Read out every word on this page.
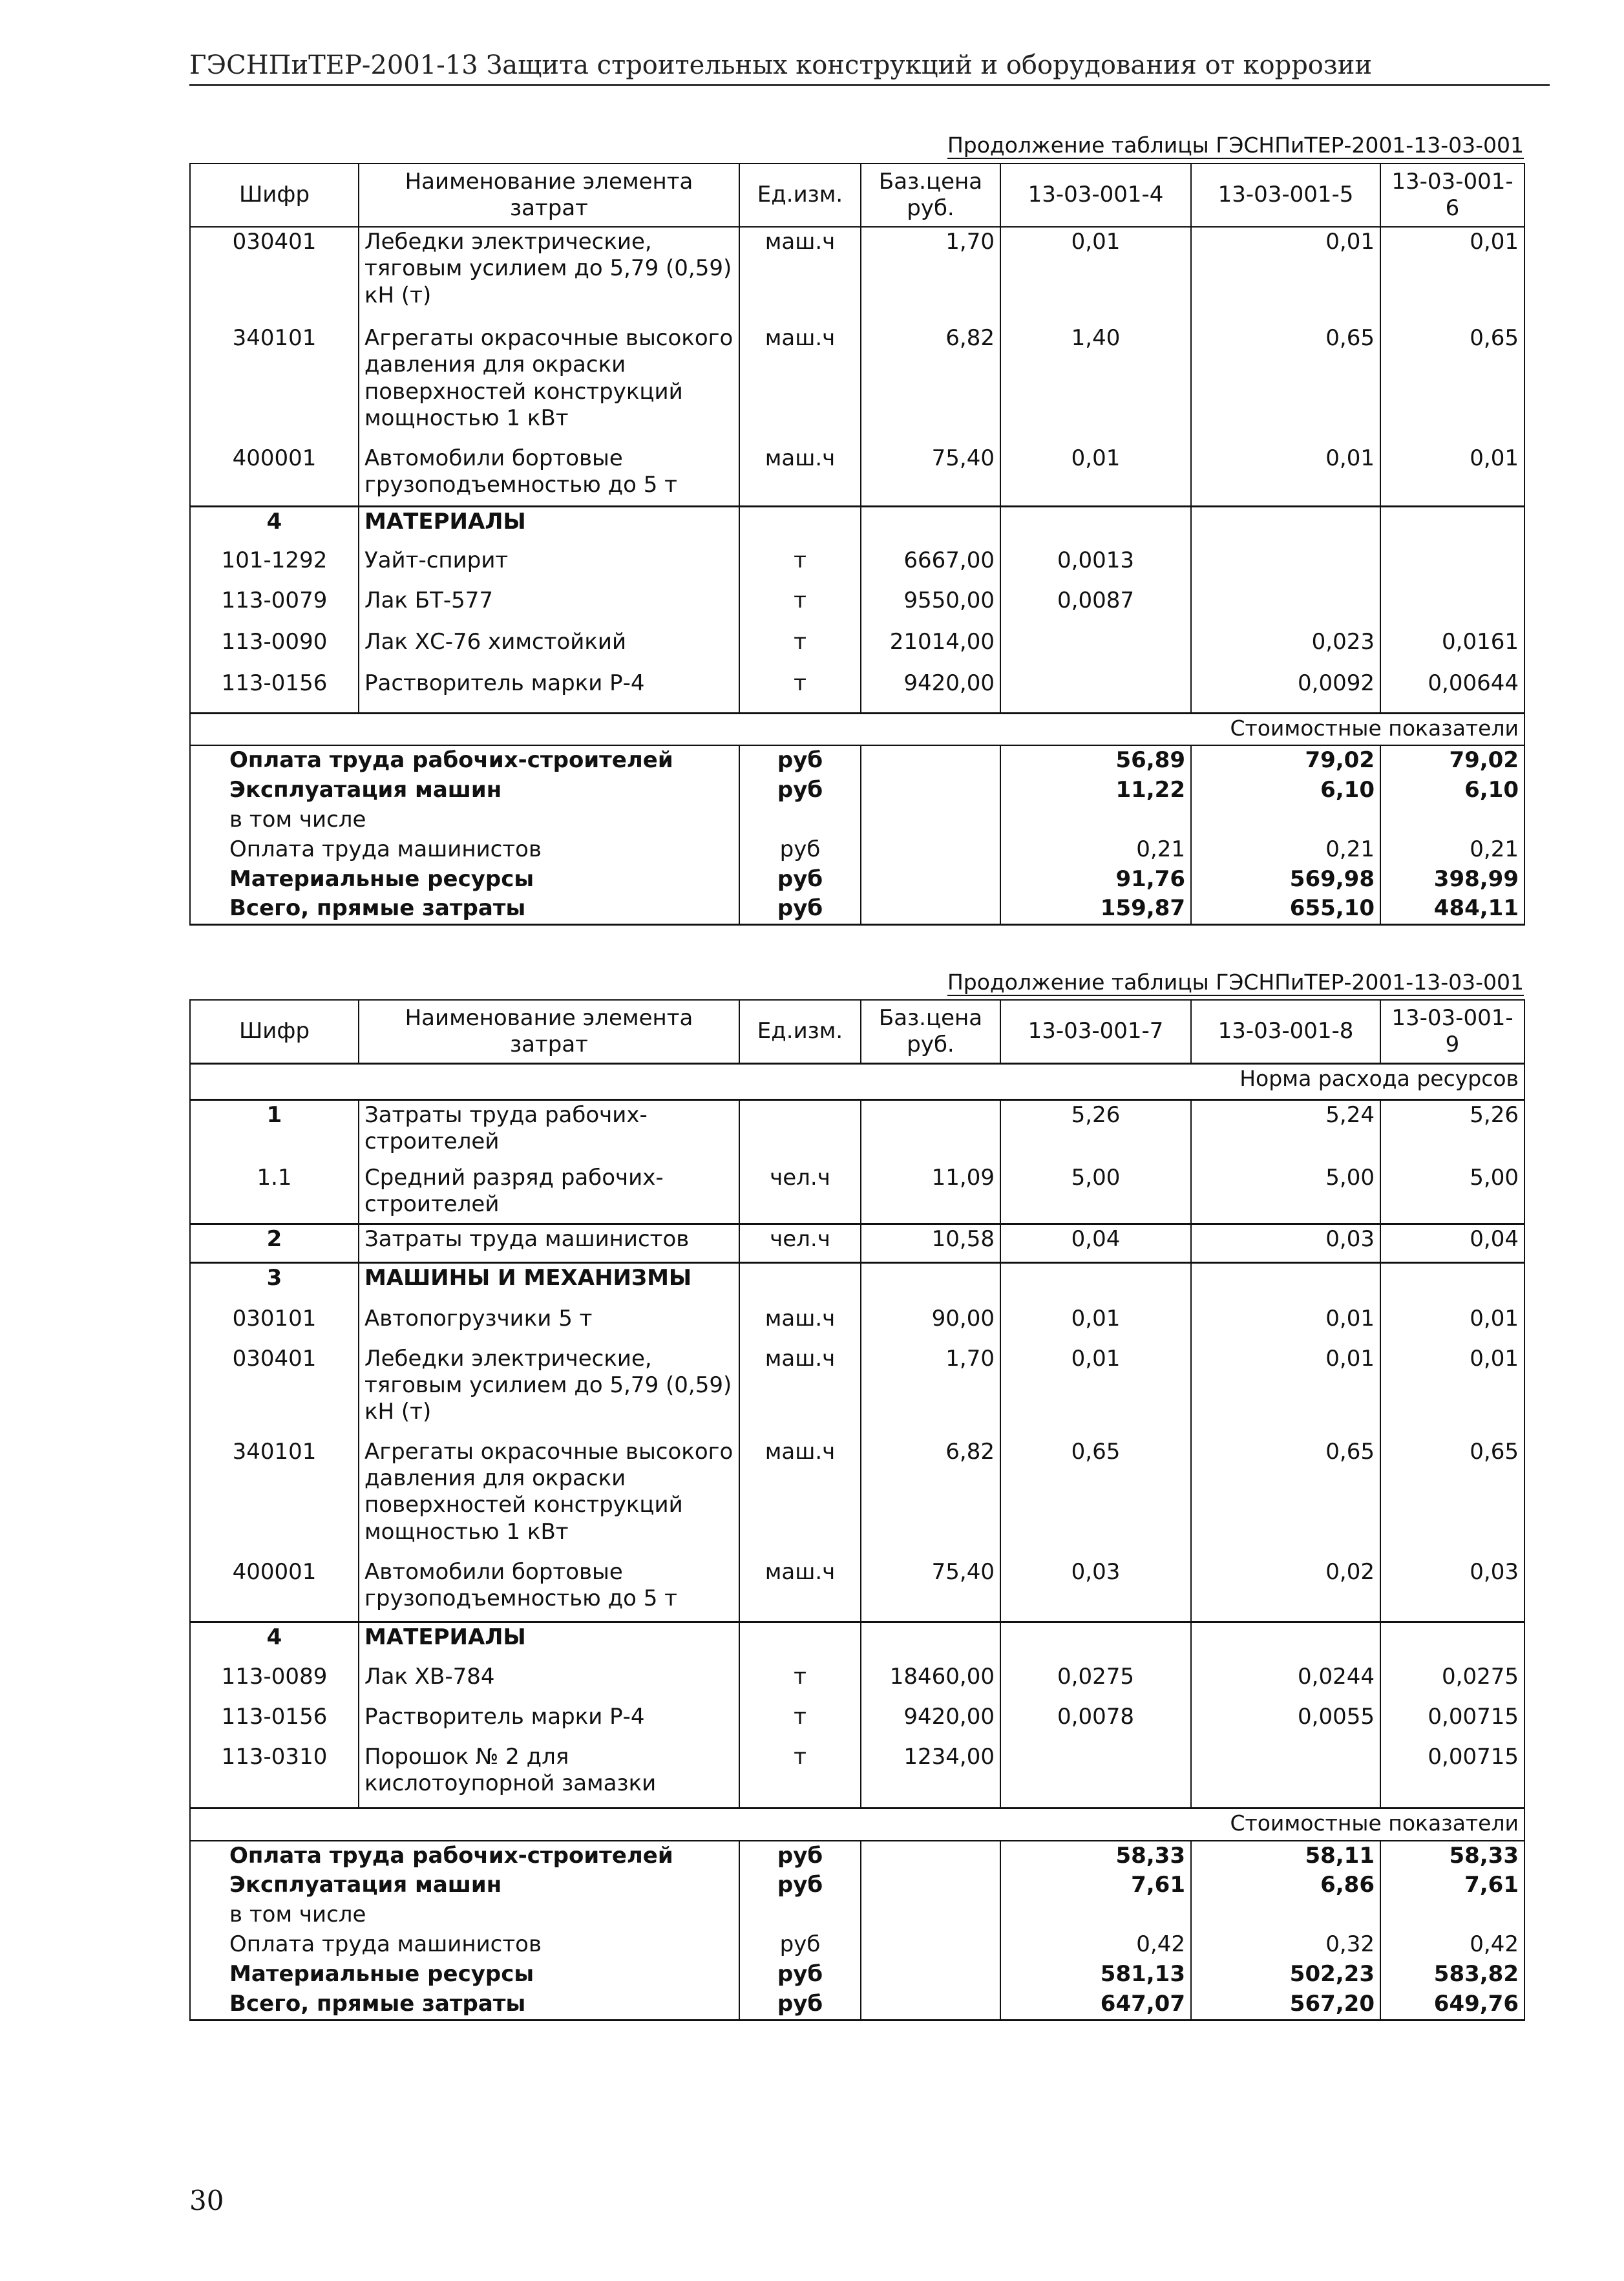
ГЭСНПиТЕР-2001-13 Защита строительных конструкций и оборудования от коррозии
Продолжение таблицы ГЭСНПиТЕР-2001-13-03-001
Шифр	Наименование элемента затрат	Ед.изм.	Баз.цена руб.	13-03-001-4	13-03-001-5	13-03-001-6
030401	Лебедки электрические, тяговым усилием до 5,79 (0,59) кН (т)	маш.ч	1,70	0,01	0,01	0,01
340101	Агрегаты окрасочные высокого давления для окраски поверхностей конструкций мощностью 1 кВт	маш.ч	6,82	1,40	0,65	0,65
400001	Автомобили бортовые грузоподъемностью до 5 т	маш.ч	75,40	0,01	0,01	0,01
4	МАТЕРИАЛЫ					
101-1292	Уайт-спирит	т	6667,00	0,0013		
113-0079	Лак БТ-577	т	9550,00	0,0087		
113-0090	Лак ХС-76 химстойкий	т	21014,00		0,023	0,0161
113-0156	Растворитель марки Р-4	т	9420,00		0,0092	0,00644
Стоимостные показатели						
Оплата труда рабочих-строителей		руб		56,89	79,02	79,02
Эксплуатация машин		руб		11,22	6,10	6,10
в том числе						
Оплата труда машинистов		руб		0,21	0,21	0,21
Материальные ресурсы		руб		91,76	569,98	398,99
Всего, прямые затраты		руб		159,87	655,10	484,11
Продолжение таблицы ГЭСНПиТЕР-2001-13-03-001
Шифр	Наименование элемента затрат	Ед.изм.	Баз.цена руб.	13-03-001-7	13-03-001-8	13-03-001-9
Норма расхода ресурсов						
1	Затраты труда рабочих-строителей			5,26	5,24	5,26
1.1	Средний разряд рабочих-строителей	чел.ч	11,09	5,00	5,00	5,00
2	Затраты труда машинистов	чел.ч	10,58	0,04	0,03	0,04
3	МАШИНЫ И МЕХАНИЗМЫ					
030101	Автопогрузчики 5 т	маш.ч	90,00	0,01	0,01	0,01
030401	Лебедки электрические, тяговым усилием до 5,79 (0,59) кН (т)	маш.ч	1,70	0,01	0,01	0,01
340101	Агрегаты окрасочные высокого давления для окраски поверхностей конструкций мощностью 1 кВт	маш.ч	6,82	0,65	0,65	0,65
400001	Автомобили бортовые грузоподъемностью до 5 т	маш.ч	75,40	0,03	0,02	0,03
4	МАТЕРИАЛЫ					
113-0089	Лак ХВ-784	т	18460,00	0,0275	0,0244	0,0275
113-0156	Растворитель марки Р-4	т	9420,00	0,0078	0,0055	0,00715
113-0310	Порошок № 2 для кислотоупорной замазки	т	1234,00			0,00715
Стоимостные показатели						
Оплата труда рабочих-строителей		руб		58,33	58,11	58,33
Эксплуатация машин		руб		7,61	6,86	7,61
в том числе						
Оплата труда машинистов		руб		0,42	0,32	0,42
Материальные ресурсы		руб		581,13	502,23	583,82
Всего, прямые затраты		руб		647,07	567,20	649,76
30
